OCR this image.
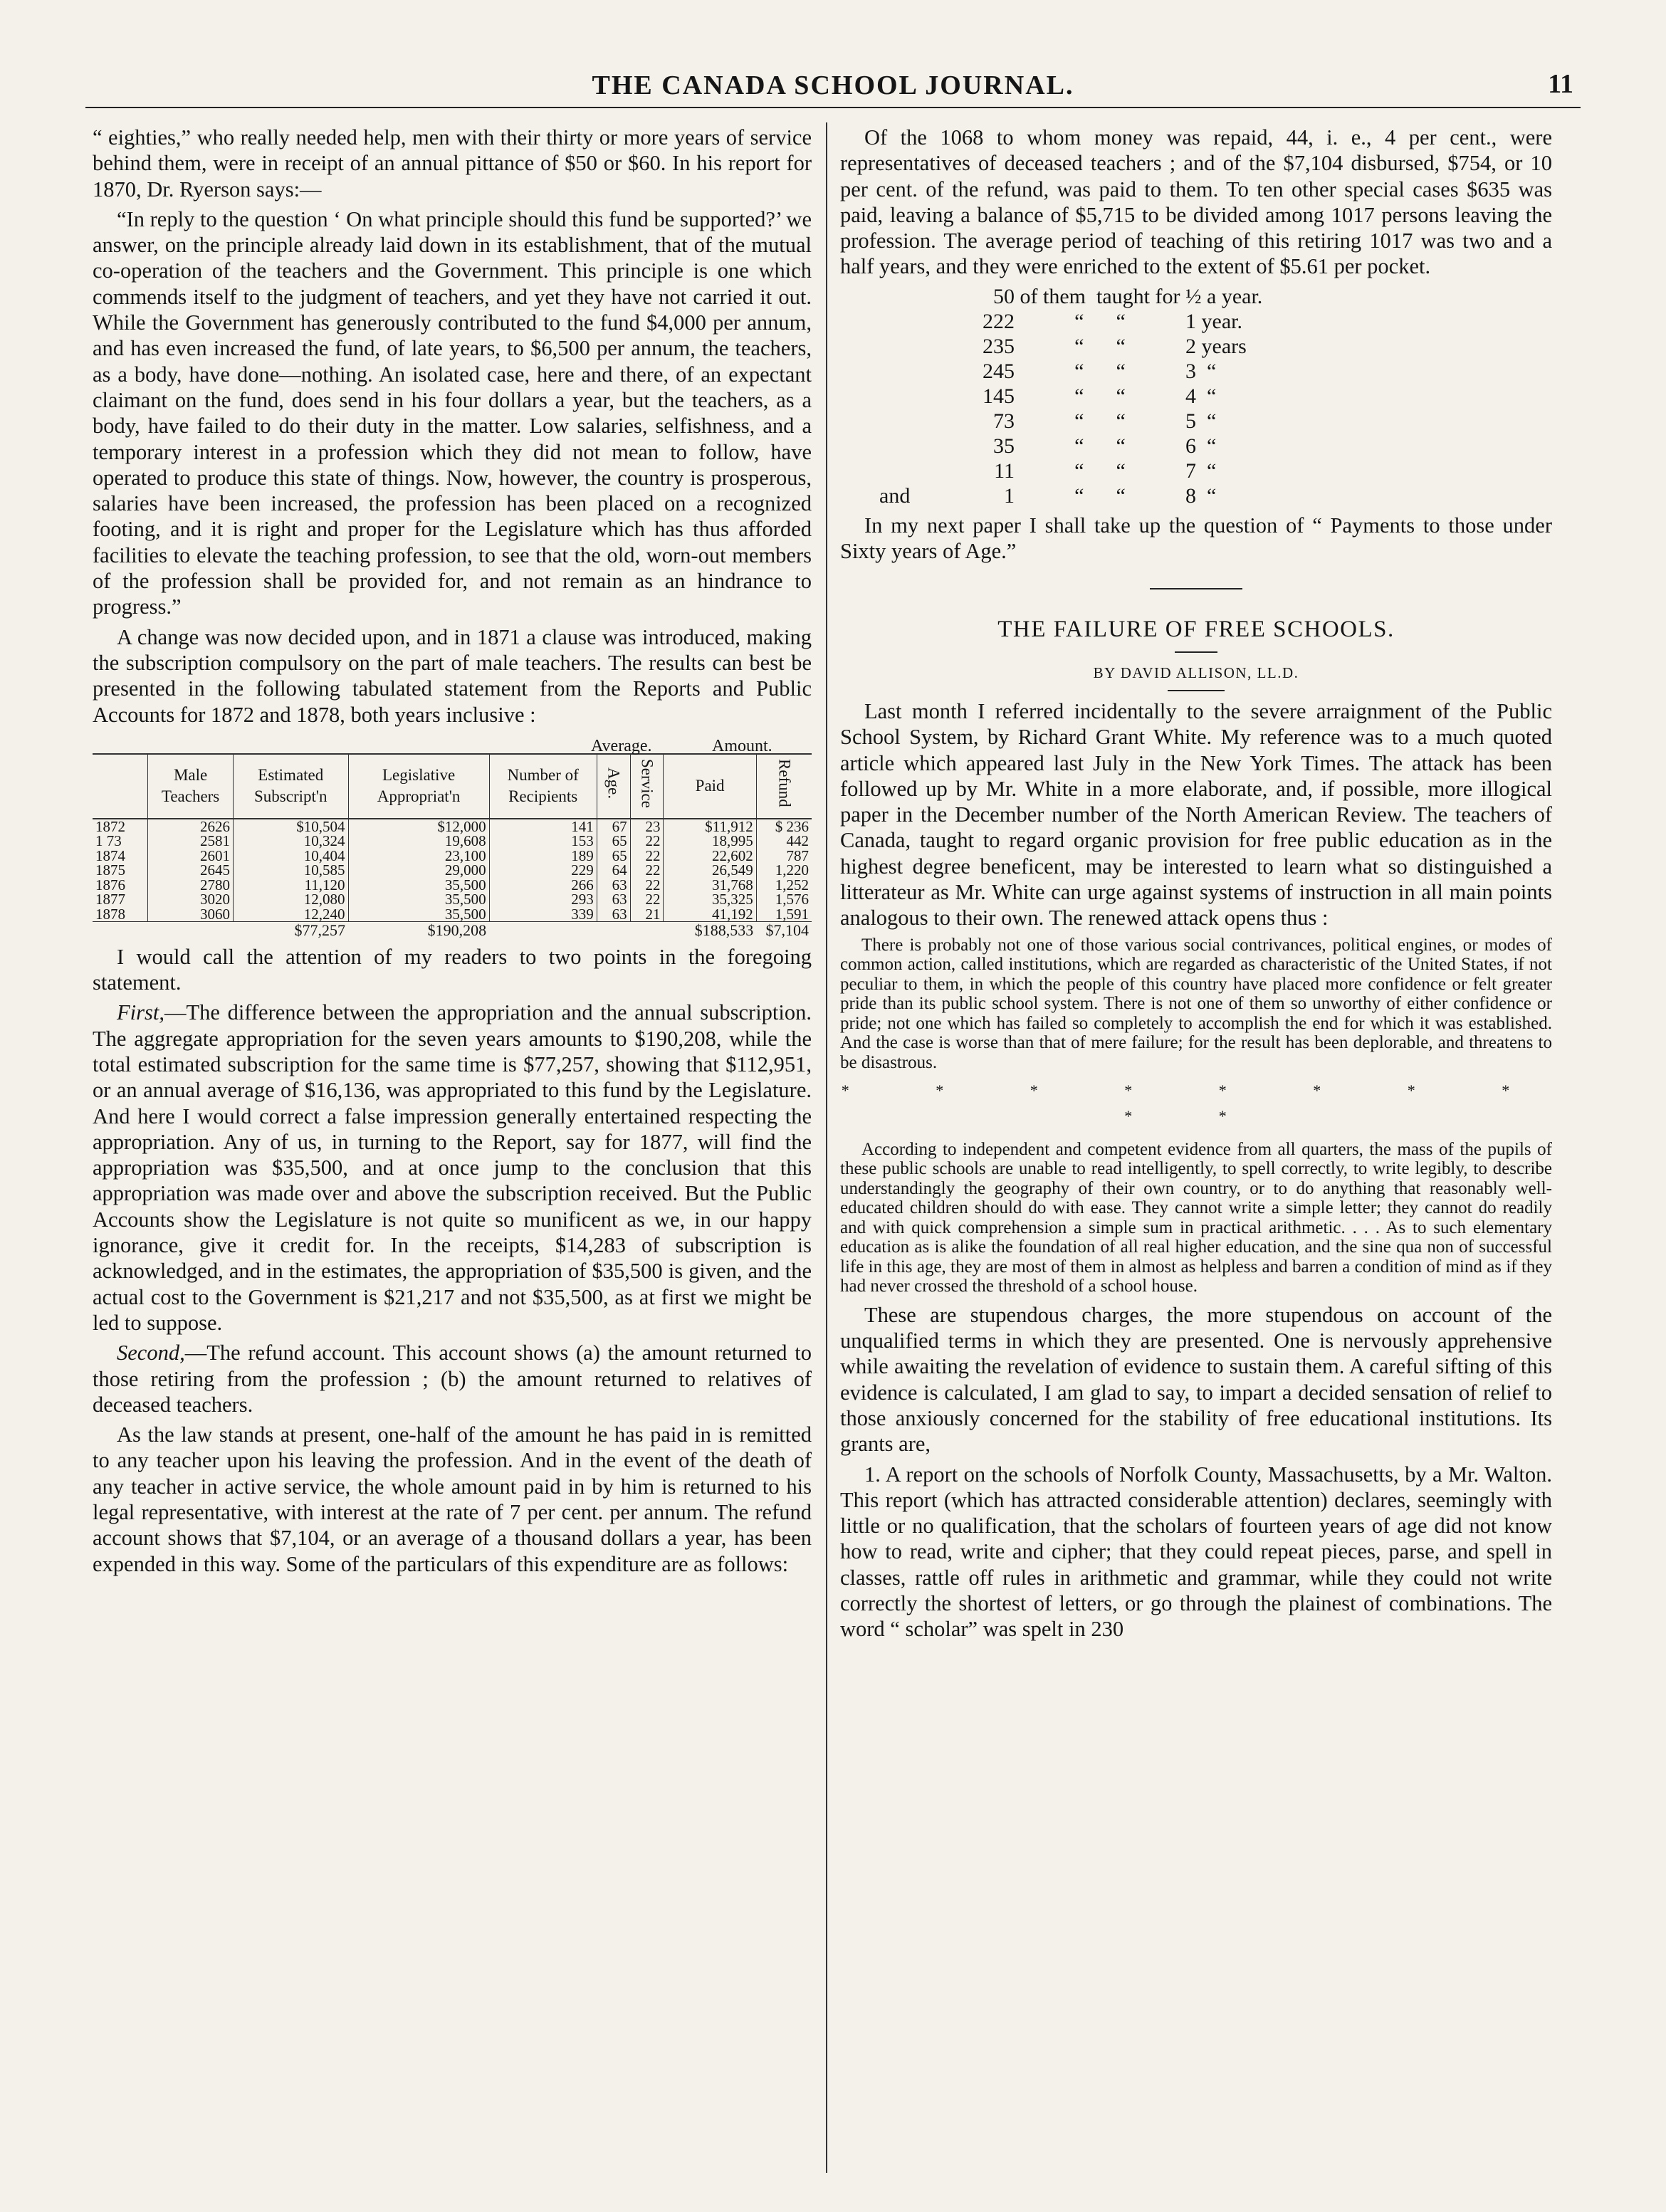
THE CANADA SCHOOL JOURNAL.	11

“ eighties,” who really needed help, men with their thirty or more years of service behind them, were in receipt of an annual pittance of $50 or $60. In his report for 1870, Dr. Ryerson says:—

“In reply to the question ‘ On what principle should this fund be supported?’ we answer, on the principle already laid down in its establishment, that of the mutual co-operation of the teachers and the Government. This principle is one which commends itself to the judgment of teachers, and yet they have not carried it out. While the Government has generously contributed to the fund $4,000 per annum, and has even increased the fund, of late years, to $6,500 per annum, the teachers, as a body, have done—nothing. An isolated case, here and there, of an expectant claimant on the fund, does send in his four dollars a year, but the teachers, as a body, have failed to do their duty in the matter. Low salaries, selfishness, and a temporary interest in a profession which they did not mean to follow, have operated to produce this state of things. Now, however, the country is prosperous, salaries have been increased, the profession has been placed on a recognized footing, and it is right and proper for the Legislature which has thus afforded facilities to elevate the teaching profession, to see that the old, worn-out members of the profession shall be provided for, and not remain as an hindrance to progress.”

A change was now decided upon, and in 1871 a clause was introduced, making the subscription compulsory on the part of male teachers. The results can best be presented in the following tabulated statement from the Reports and Public Accounts for 1872 and 1878, both years inclusive :

Average.	Amount.
	Male Teachers	Estimated Subscript'n	Legislative Appropriat'n	Number of Recipients	Age.	Service	Paid	Refund
1872	2626	$10,504	$12,000	141	67	23	$11,912	$ 236
1 73	2581	10,324	19,608	153	65	22	18,995	442
1874	2601	10,404	23,100	189	65	22	22,602	787
1875	2645	10,585	29,000	229	64	22	26,549	1,220
1876	2780	11,120	35,500	266	63	22	31,768	1,252
1877	3020	12,080	35,500	293	63	22	35,325	1,576
1878	3060	12,240	35,500	339	63	21	41,192	1,591
		$77,257	$190,208				$188,533	$7,104

I would call the attention of my readers to two points in the foregoing statement.

First,—The difference between the appropriation and the annual subscription. The aggregate appropriation for the seven years amounts to $190,208, while the total estimated subscription for the same time is $77,257, showing that $112,951, or an annual average of $16,136, was appropriated to this fund by the Legislature. And here I would correct a false impression generally entertained respecting the appropriation. Any of us, in turning to the Report, say for 1877, will find the appropriation was $35,500, and at once jump to the conclusion that this appropriation was made over and above the subscription received. But the Public Accounts show the Legislature is not quite so munificent as we, in our happy ignorance, give it credit for. In the receipts, $14,283 of subscription is acknowledged, and in the estimates, the appropriation of $35,500 is given, and the actual cost to the Government is $21,217 and not $35,500, as at first we might be led to suppose.

Second,—The refund account. This account shows (a) the amount returned to those retiring from the profession ; (b) the amount returned to relatives of deceased teachers.

As the law stands at present, one-half of the amount he has paid in is remitted to any teacher upon his leaving the profession. And in the event of the death of any teacher in active service, the whole amount paid in by him is returned to his legal representative, with interest at the rate of 7 per cent. per annum. The refund account shows that $7,104, or an average of a thousand dollars a year, has been expended in this way. Some of the particulars of this expenditure are as follows:

Of the 1068 to whom money was repaid, 44, i. e., 4 per cent., were representatives of deceased teachers ; and of the $7,104 disbursed, $754, or 10 per cent. of the refund, was paid to them. To ten other special cases $635 was paid, leaving a balance of $5,715 to be divided among 1017 persons leaving the profession. The average period of teaching of this retiring 1017 was two and a half years, and they were enriched to the extent of $5.61 per pocket.

50 of them  taught for ½ a year.
222	“      “	1 year.
235	“      “	2 years
245	“      “	3  “
145	“      “	4  “
73	“      “	5  “
35	“      “	6  “
11	“      “	7  “
and	1	“      “	8  “

In my next paper I shall take up the question of “ Payments to those under Sixty years of Age.”

THE FAILURE OF FREE SCHOOLS.

BY DAVID ALLISON, LL.D.

Last month I referred incidentally to the severe arraignment of the Public School System, by Richard Grant White. My reference was to a much quoted article which appeared last July in the New York Times. The attack has been followed up by Mr. White in a more elaborate, and, if possible, more illogical paper in the December number of the North American Review. The teachers of Canada, taught to regard organic provision for free public education as in the highest degree beneficent, may be interested to learn what so distinguished a litterateur as Mr. White can urge against systems of instruction in all main points analogous to their own. The renewed attack opens thus :

There is probably not one of those various social contrivances, political engines, or modes of common action, called institutions, which are regarded as characteristic of the United States, if not peculiar to them, in which the people of this country have placed more confidence or felt greater pride than its public school system. There is not one of them so unworthy of either confidence or pride; not one which has failed so completely to accomplish the end for which it was established. And the case is worse than that of mere failure; for the result has been deplorable, and threatens to be disastrous.

* * * * * * * * * *

According to independent and competent evidence from all quarters, the mass of the pupils of these public schools are unable to read intelligently, to spell correctly, to write legibly, to describe understandingly the geography of their own country, or to do anything that reasonably well-educated children should do with ease. They cannot write a simple letter; they cannot do readily and with quick comprehension a simple sum in practical arithmetic. . . . As to such elementary education as is alike the foundation of all real higher education, and the sine qua non of successful life in this age, they are most of them in almost as helpless and barren a condition of mind as if they had never crossed the threshold of a school house.

These are stupendous charges, the more stupendous on account of the unqualified terms in which they are presented. One is nervously apprehensive while awaiting the revelation of evidence to sustain them. A careful sifting of this evidence is calculated, I am glad to say, to impart a decided sensation of relief to those anxiously concerned for the stability of free educational institutions. Its grants are,

1. A report on the schools of Norfolk County, Massachusetts, by a Mr. Walton. This report (which has attracted considerable attention) declares, seemingly with little or no qualification, that the scholars of fourteen years of age did not know how to read, write and cipher; that they could repeat pieces, parse, and spell in classes, rattle off rules in arithmetic and grammar, while they could not write correctly the shortest of letters, or go through the plainest of combinations. The word “ scholar” was spelt in 230
